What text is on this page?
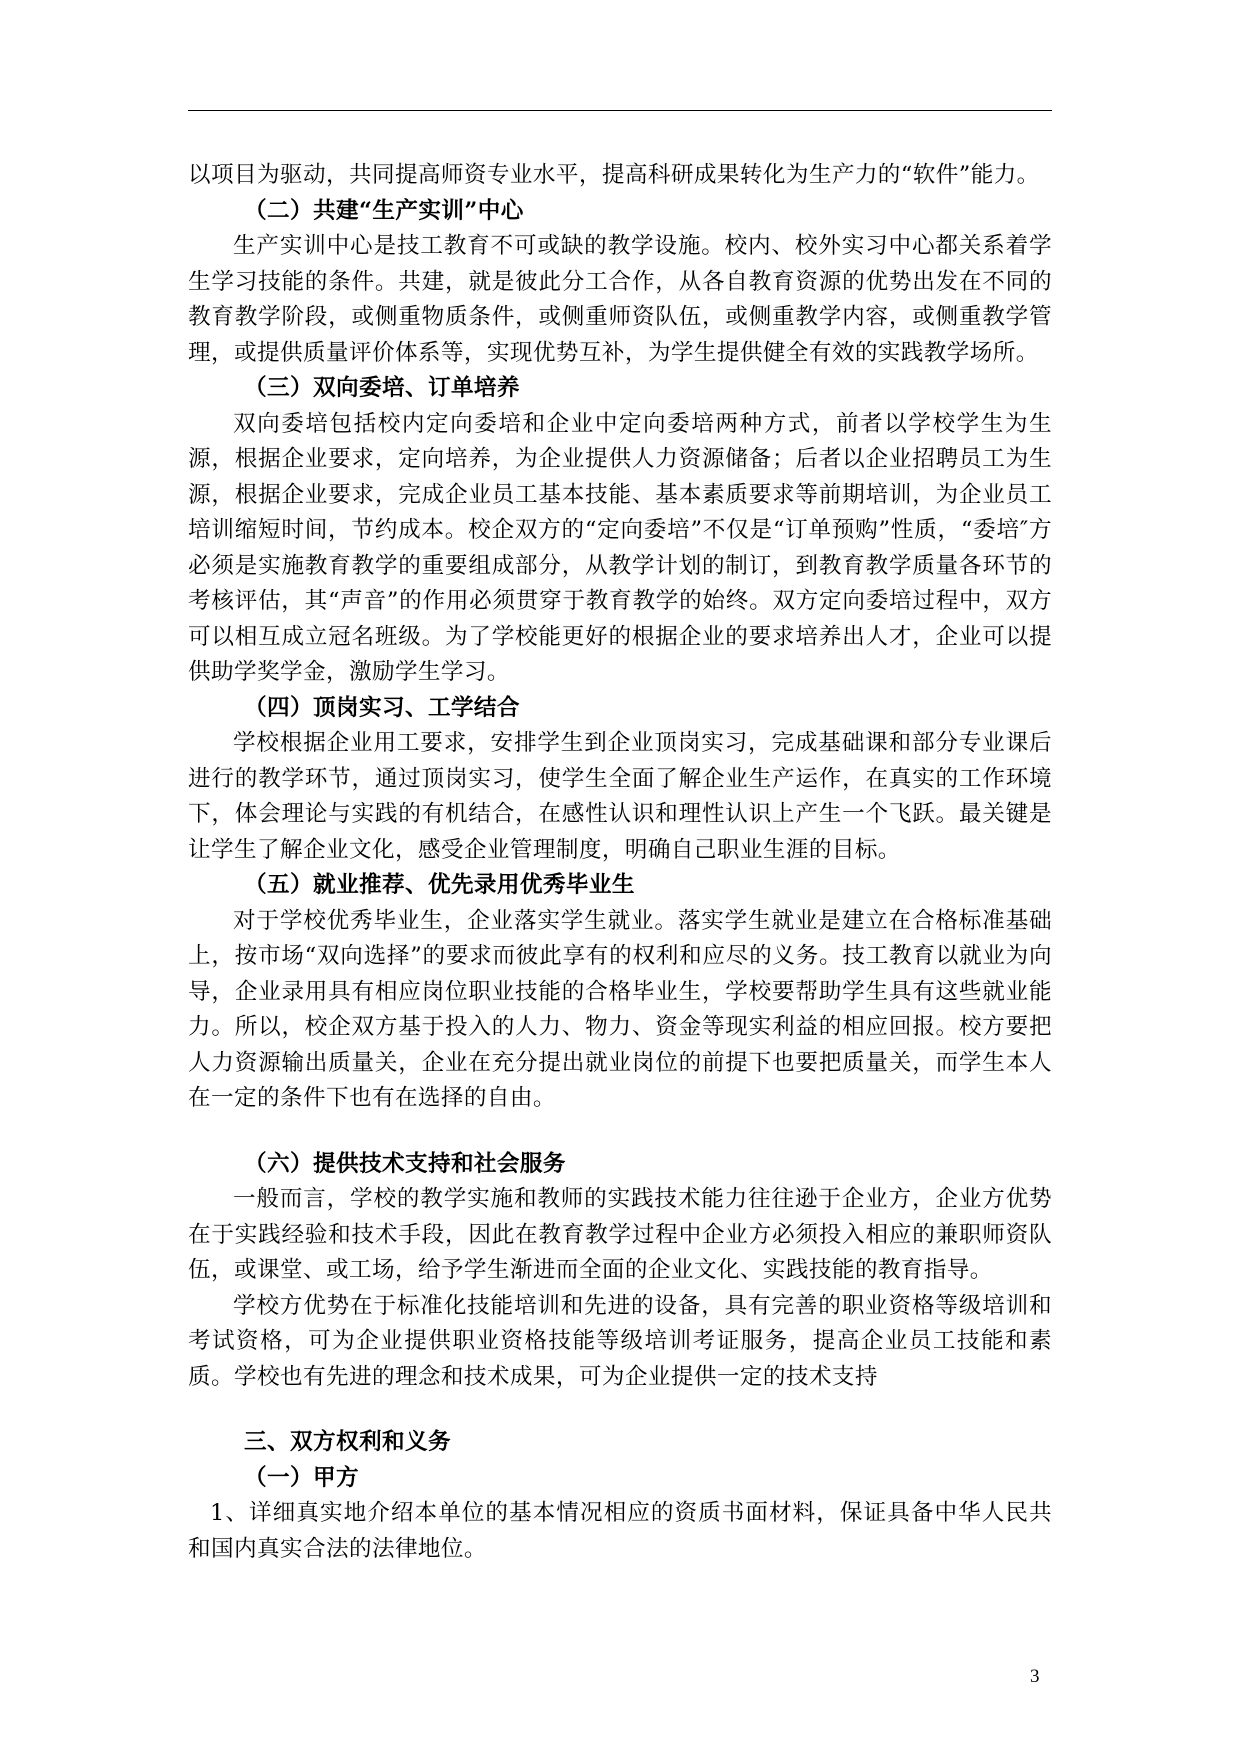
以项目为驱动，共同提高师资专业水平，提高科研成果转化为生产力的“软件”能力。

（二）共建“生产实训”中心

生产实训中心是技工教育不可或缺的教学设施。校内、校外实习中心都关系着学生学习技能的条件。共建，就是彼此分工合作，从各自教育资源的优势出发在不同的教育教学阶段，或侧重物质条件，或侧重师资队伍，或侧重教学内容，或侧重教学管理，或提供质量评价体系等，实现优势互补，为学生提供健全有效的实践教学场所。

（三）双向委培、订单培养

双向委培包括校内定向委培和企业中定向委培两种方式，前者以学校学生为生源，根据企业要求，定向培养，为企业提供人力资源储备；后者以企业招聘员工为生源，根据企业要求，完成企业员工基本技能、基本素质要求等前期培训，为企业员工培训缩短时间，节约成本。校企双方的“定向委培”不仅是“订单预购”性质，“委培″方必须是实施教育教学的重要组成部分，从教学计划的制订，到教育教学质量各环节的考核评估，其“声音”的作用必须贯穿于教育教学的始终。双方定向委培过程中，双方可以相互成立冠名班级。为了学校能更好的根据企业的要求培养出人才，企业可以提供助学奖学金，激励学生学习。

（四）顶岗实习、工学结合

学校根据企业用工要求，安排学生到企业顶岗实习，完成基础课和部分专业课后进行的教学环节，通过顶岗实习，使学生全面了解企业生产运作，在真实的工作环境下，体会理论与实践的有机结合，在感性认识和理性认识上产生一个飞跃。最关键是让学生了解企业文化，感受企业管理制度，明确自己职业生涯的目标。

（五）就业推荐、优先录用优秀毕业生

对于学校优秀毕业生，企业落实学生就业。落实学生就业是建立在合格标准基础上，按市场“双向选择”的要求而彼此享有的权利和应尽的义务。技工教育以就业为向导，企业录用具有相应岗位职业技能的合格毕业生，学校要帮助学生具有这些就业能力。所以，校企双方基于投入的人力、物力、资金等现实利益的相应回报。校方要把人力资源输出质量关，企业在充分提出就业岗位的前提下也要把质量关，而学生本人在一定的条件下也有在选择的自由。

（六）提供技术支持和社会服务

一般而言，学校的教学实施和教师的实践技术能力往往逊于企业方，企业方优势在于实践经验和技术手段，因此在教育教学过程中企业方必须投入相应的兼职师资队伍，或课堂、或工场，给予学生渐进而全面的企业文化、实践技能的教育指导。

学校方优势在于标准化技能培训和先进的设备，具有完善的职业资格等级培训和考试资格，可为企业提供职业资格技能等级培训考证服务，提高企业员工技能和素质。学校也有先进的理念和技术成果，可为企业提供一定的技术支持

三、双方权利和义务

（一）甲方

1、详细真实地介绍本单位的基本情况相应的资质书面材料，保证具备中华人民共和国内真实合法的法律地位。

3
